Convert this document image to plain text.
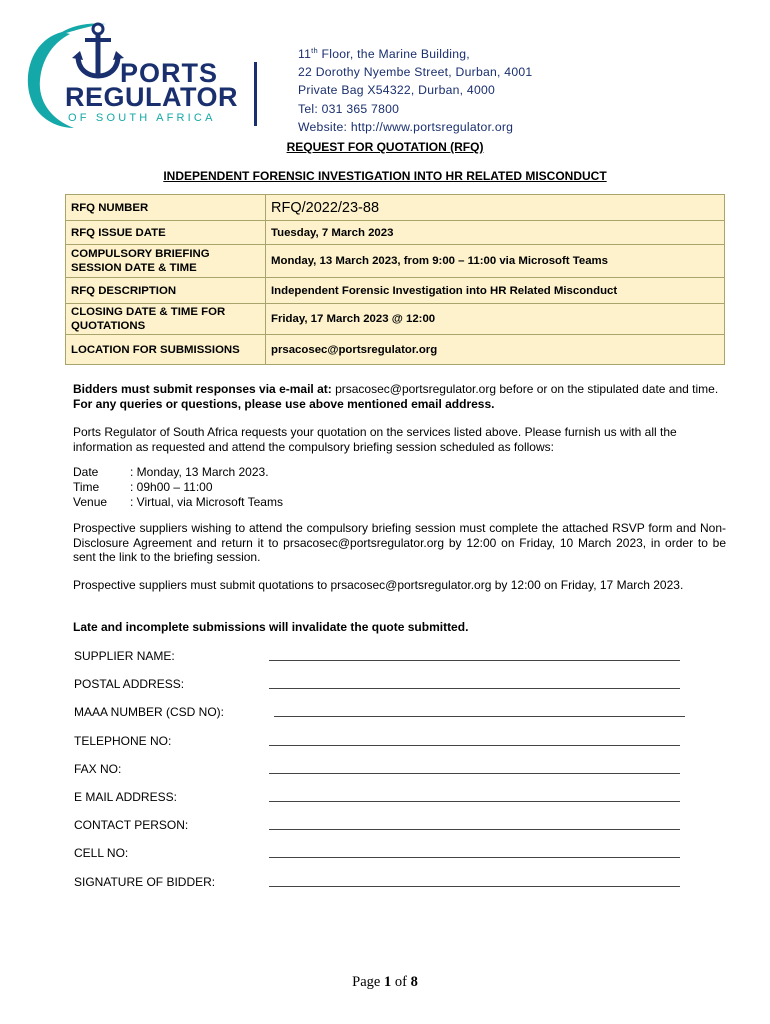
PORTS
REGULATOR
OF SOUTH AFRICA
11th Floor, the Marine Building,
22 Dorothy Nyembe Street, Durban, 4001
Private Bag X54322, Durban, 4000
Tel: 031 365 7800
Website: http://www.portsregulator.org
REQUEST FOR QUOTATION (RFQ)
INDEPENDENT FORENSIC INVESTIGATION INTO HR RELATED MISCONDUCT
RFQ NUMBER	RFQ/2022/23-88
RFQ ISSUE DATE	Tuesday, 7 March 2023
COMPULSORY BRIEFING SESSION DATE & TIME	Monday, 13 March 2023, from 9:00 – 11:00 via Microsoft Teams
RFQ DESCRIPTION	Independent Forensic Investigation into HR Related Misconduct
CLOSING DATE & TIME FOR QUOTATIONS	Friday, 17 March 2023 @ 12:00
LOCATION FOR SUBMISSIONS	prsacosec@portsregulator.org
Bidders must submit responses via e-mail at: prsacosec@portsregulator.org before or on the stipulated date and time. For any queries or questions, please use above mentioned email address.
Ports Regulator of South Africa requests your quotation on the services listed above. Please furnish us with all the information as requested and attend the compulsory briefing session scheduled as follows:
Date	: Monday, 13 March 2023.
Time	: 09h00 – 11:00
Venue	: Virtual, via Microsoft Teams
Prospective suppliers wishing to attend the compulsory briefing session must complete the attached RSVP form and Non-Disclosure Agreement and return it to prsacosec@portsregulator.org by 12:00 on Friday, 10 March 2023, in order to be sent the link to the briefing session.
Prospective suppliers must submit quotations to prsacosec@portsregulator.org by 12:00 on Friday, 17 March 2023.
Late and incomplete submissions will invalidate the quote submitted.
SUPPLIER NAME:
POSTAL ADDRESS:
MAAA NUMBER (CSD NO):
TELEPHONE NO:
FAX NO:
E MAIL ADDRESS:
CONTACT PERSON:
CELL NO:
SIGNATURE OF BIDDER:
Page 1 of 8
